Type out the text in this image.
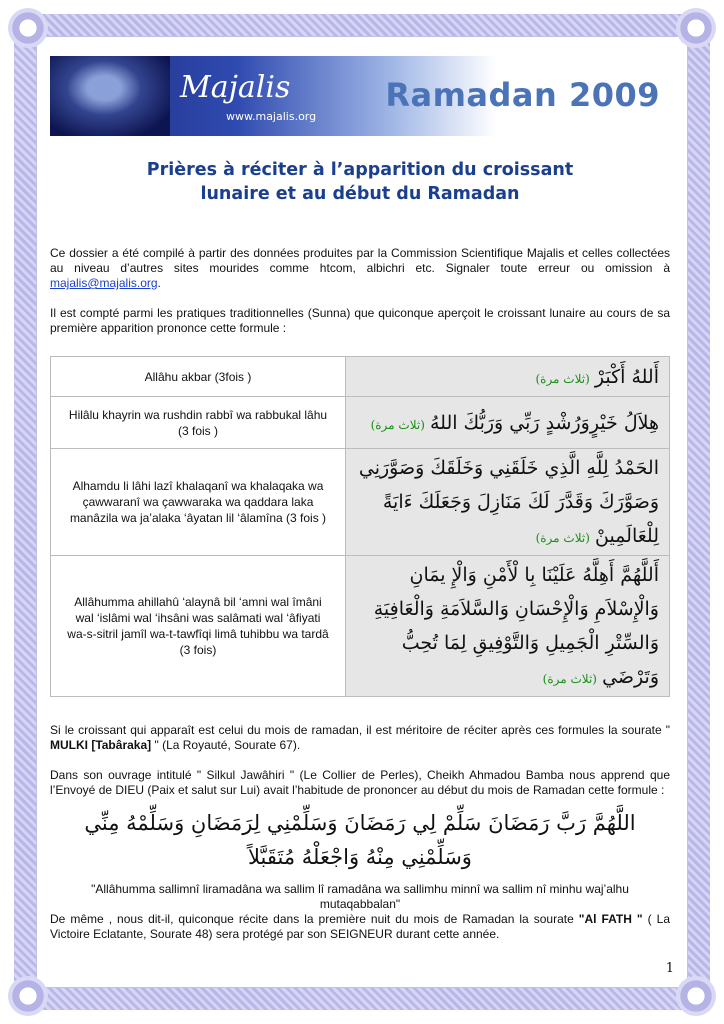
Majalis
www.majalis.org
Ramadan 2009
Prières à réciter à l’apparition du croissant
lunaire et au début du Ramadan

Ce dossier a été compilé à partir des données produites par la Commission Scientifique Majalis et celles collectées au niveau d’autres sites mourides comme htcom, albichri etc. Signaler toute erreur ou omission à majalis@majalis.org.

Il est compté parmi les pratiques traditionnelles (Sunna) que quiconque aperçoit le croissant lunaire au cours de sa première apparition prononce cette formule :

Allâhu akbar (3fois )	أَللهُ أَكْبَرْ (ثلاث مرة)
Hilâlu khayrin wa rushdin rabbî wa rabbukal lâhu (3 fois )	هِلاَلُ خَيْرٍوَرُشْدٍ رَبِّي وَرَبُّكَ اللهُ (ثلاث مرة)
Alhamdu li lâhi lazî khalaqanî wa khalaqaka wa çawwaranî wa çawwaraka wa qaddara laka manâzila wa ja’alaka ‘âyatan lil ‘âlamîna (3 fois )	الحَمْدُ لِلَّهِ الَّذِي خَلَقَنِي وَخَلَقَكَ وَصَوَّرَنِي وَصَوَّرَكَ وَقَدَّرَ لَكَ مَنَازِلَ وَجَعَلَكَ ءَايَةً لِلْعَالَمِينْ (ثلاث مرة)
Allâhumma ahillahû ‘alaynâ bil ‘amni wal îmâni wal ‘islâmi wal ‘ihsâni was salâmati wal ‘âfiyati wa-s-sitril jamîl wa-t-tawfîqi limâ tuhibbu wa tardâ (3 fois)	أَللَّهُمَّ أَهِلَّهُ عَلَيْنَا بِا لْأَمْنِ وَالْإِ يمَانِ وَالْإِسْلاَمِ وَالْإِحْسَانِ وَالسَّلاَمَةِ وَالْعَافِيَةِ وَالسِّتْرِ الْجَمِيلِ وَالتَّوْفِيقِ لِمَا تُحِبُّ وَتَرْضَي (ثلاث مرة)

Si le croissant qui apparaît est celui du mois de ramadan, il est méritoire de réciter après ces formules la sourate " MULKI [Tabâraka] " (La Royauté, Sourate 67).

Dans son ouvrage intitulé " Silkul Jawâhiri " (Le Collier de Perles), Cheikh Ahmadou Bamba nous apprend que l’Envoyé de DIEU (Paix et salut sur Lui) avait l’habitude de prononcer au début du mois de Ramadan cette formule :

اللَّهُمَّ رَبَّ رَمَضَانَ سَلِّمْ لِي رَمَضَانَ وَسَلِّمْنِي لِرَمَضَانِ وَسَلِّمْهُ مِنِّي
وَسَلِّمْنِي مِنْهُ وَاجْعَلْهُ مُتَقَبَّلاً
"Allâhumma sallimnî liramadâna wa sallim lî ramadâna wa sallimhu minnî wa sallim nî minhu waj’alhu mutaqabbalan"

De même , nous dit-il, quiconque récite dans la première nuit du mois de Ramadan la sourate "Al FATH " ( La Victoire Eclatante, Sourate 48) sera protégé par son SEIGNEUR durant cette année.

1
